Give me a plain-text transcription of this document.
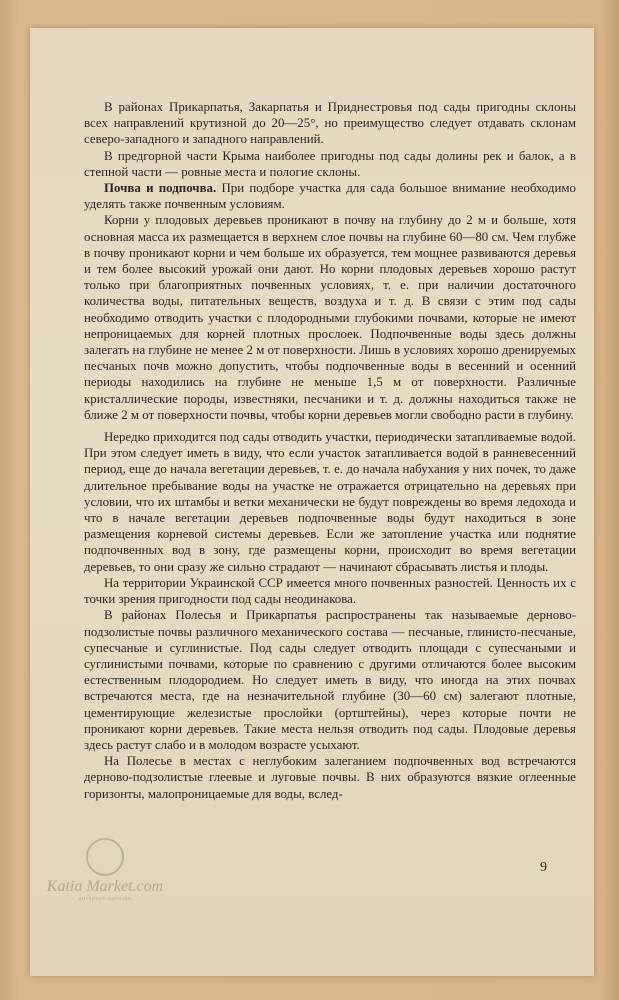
В районах Прикарпатья, Закарпатья и Приднестровья под сады пригодны склоны всех направлений крутизной до 20—25°, но преимущество следует отдавать склонам северо-западного и западного направлений.

В предгорной части Крыма наиболее пригодны под сады долины рек и балок, а в степной части — ровные места и пологие склоны.

Почва и подпочва. При подборе участка для сада большое внимание необходимо уделять также почвенным условиям.

Корни у плодовых деревьев проникают в почву на глубину до 2 м и больше, хотя основная масса их размещается в верхнем слое почвы на глубине 60—80 см. Чем глубже в почву проникают корни и чем больше их образуется, тем мощнее развиваются деревья и тем более высокий урожай они дают. Но корни плодовых деревьев хорошо растут только при благоприятных почвенных условиях, т. е. при наличии достаточного количества воды, питательных веществ, воздуха и т. д. В связи с этим под сады необходимо отводить участки с плодородными глубокими почвами, которые не имеют непроницаемых для корней плотных прослоек. Подпочвенные воды здесь должны залегать на глубине не менее 2 м от поверхности. Лишь в условиях хорошо дренируемых песчаных почв можно допустить, чтобы подпочвенные воды в весенний и осенний периоды находились на глубине не меньше 1,5 м от поверхности. Различные кристаллические породы, известняки, песчаники и т. д. должны находиться также не ближе 2 м от поверхности почвы, чтобы корни деревьев могли свободно расти в глубину.

Нередко приходится под сады отводить участки, периодически затапливаемые водой. При этом следует иметь в виду, что если участок затапливается водой в ранневесенний период, еще до начала вегетации деревьев, т. е. до начала набухания у них почек, то даже длительное пребывание воды на участке не отражается отрицательно на деревьях при условии, что их штамбы и ветки механически не будут повреждены во время ледохода и что в начале вегетации деревьев подпочвенные воды будут находиться в зоне размещения корневой системы деревьев. Если же затопление участка или поднятие подпочвенных вод в зону, где размещены корни, происходит во время вегетации деревьев, то они сразу же сильно страдают — начинают сбрасывать листья и плоды.

На территории Украинской ССР имеется много почвенных разностей. Ценность их с точки зрения пригодности под сады неодинакова.

В районах Полесья и Прикарпатья распространены так называемые дерново-подзолистые почвы различного механического состава — песчаные, глинисто-песчаные, супесчаные и суглинистые. Под сады следует отводить площади с супесчаными и суглинистыми почвами, которые по сравнению с другими отличаются более высоким естественным плодородием. Но следует иметь в виду, что иногда на этих почвах встречаются места, где на незначительной глубине (30—60 см) залегают плотные, цементирующие железистые прослойки (ортштейны), через которые почти не проникают корни деревьев. Такие места нельзя отводить под сады. Плодовые деревья здесь растут слабо и в молодом возрасте усыхают.

На Полесье в местах с неглубоким залеганием подпочвенных вод встречаются дерново-подзолистые глеевые и луговые почвы. В них образуются вязкие оглеенные горизонты, малопроницаемые для воды, вслед-

9
Katia Market.com
интернет-магазин
